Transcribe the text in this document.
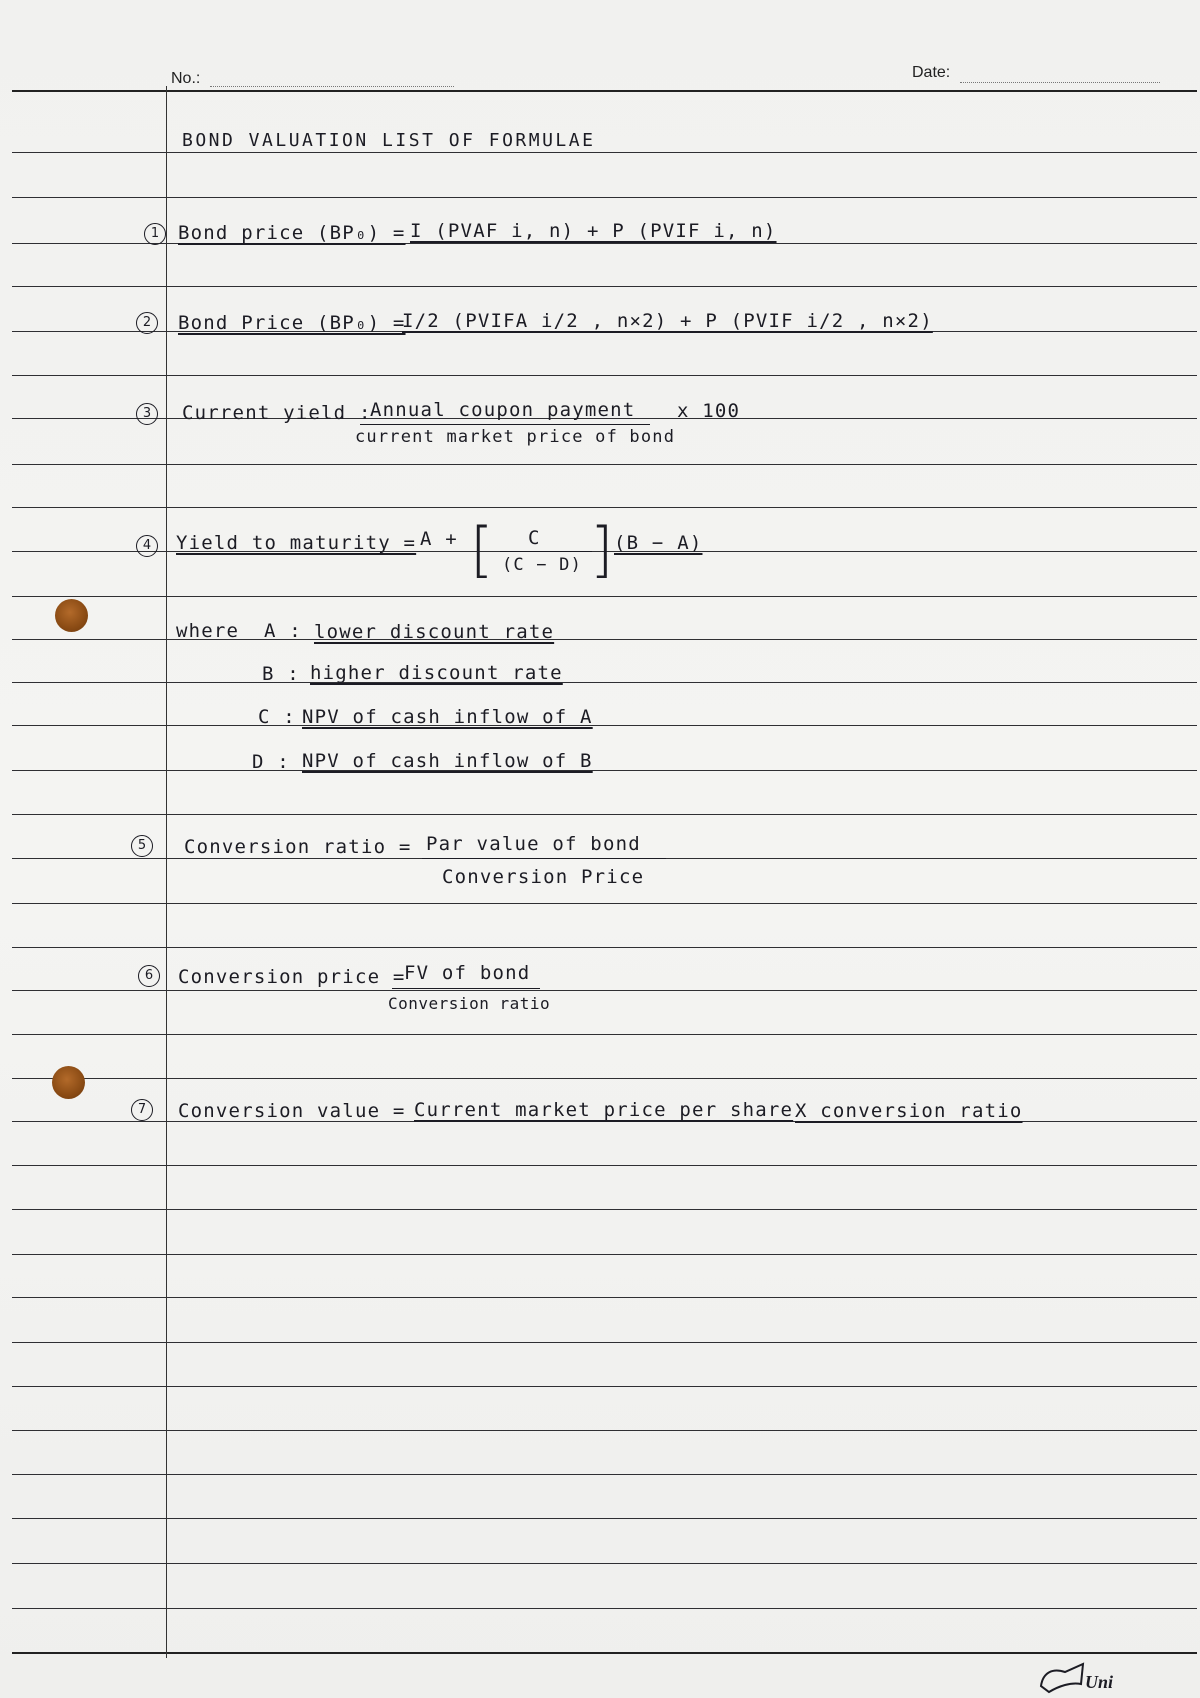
No.:	Date:
BOND VALUATION LIST OF FORMULAE
1 Bond price (BP₀) = I (PVAF i, n) + P (PVIF i, n)
2	Bond Price (BP₀) =
I/2 (PVIFA i/2 , n×2) + P (PVIF i/2 , n×2)
3	Current yield :
Annual coupon payment
current market price of bond
x 100
4	Yield to maturity = A + [ C
(C − D) ] (B − A)
where A : lower discount rate
B : higher discount rate
C : NPV of cash inflow of A
D : NPV of cash inflow of B
5	Conversion ratio = Par value of bond
Conversion Price
6	Conversion price =
FV of bond
Conversion ratio
7	Conversion value = Current market price per share X conversion ratio
Uni
